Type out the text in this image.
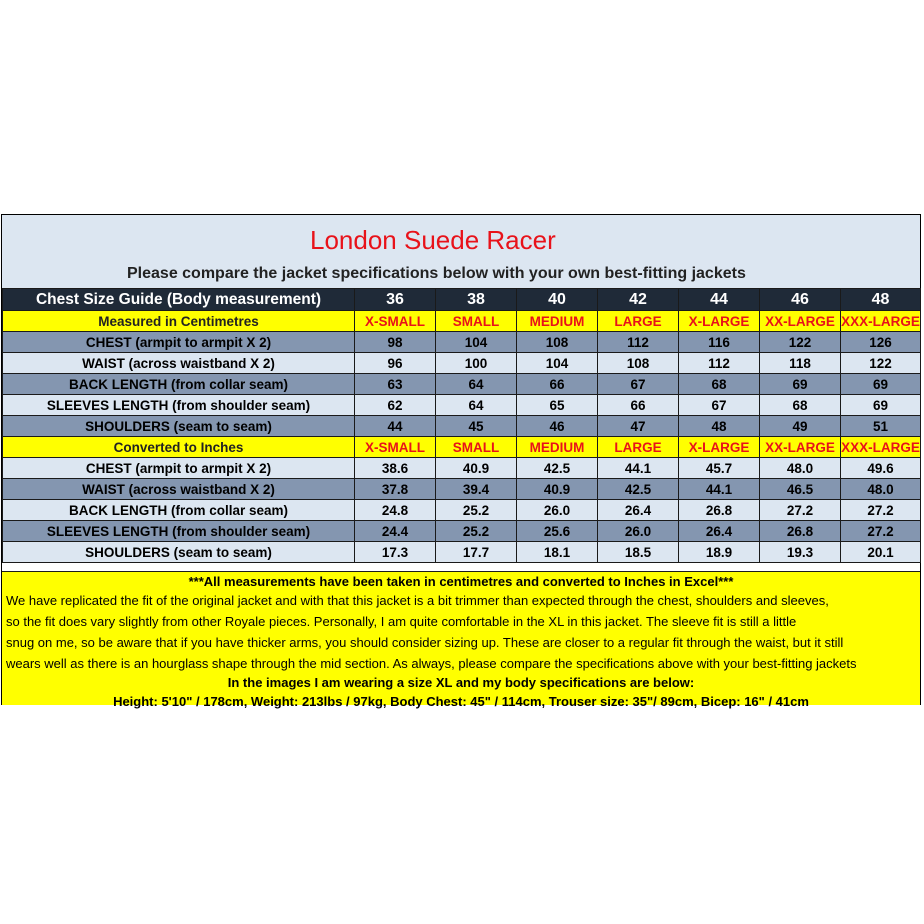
London Suede Racer
Please compare the jacket specifications below with your own best-fitting jackets
Chest Size Guide (Body measurement)	36	38	40	42	44	46	48
Measured in Centimetres	X-SMALL	SMALL	MEDIUM	LARGE	X-LARGE	XX-LARGE	XXX-LARGE
CHEST (armpit to armpit X 2)	98	104	108	112	116	122	126
WAIST (across waistband X 2)	96	100	104	108	112	118	122
BACK LENGTH (from collar seam)	63	64	66	67	68	69	69
SLEEVES LENGTH (from shoulder seam)	62	64	65	66	67	68	69
SHOULDERS (seam to seam)	44	45	46	47	48	49	51
Converted to Inches	X-SMALL	SMALL	MEDIUM	LARGE	X-LARGE	XX-LARGE	XXX-LARGE
CHEST (armpit to armpit X 2)	38.6	40.9	42.5	44.1	45.7	48.0	49.6
WAIST (across waistband X 2)	37.8	39.4	40.9	42.5	44.1	46.5	48.0
BACK LENGTH (from collar seam)	24.8	25.2	26.0	26.4	26.8	27.2	27.2
SLEEVES LENGTH (from shoulder seam)	24.4	25.2	25.6	26.0	26.4	26.8	27.2
SHOULDERS (seam to seam)	17.3	17.7	18.1	18.5	18.9	19.3	20.1
***All measurements have been taken in centimetres and converted to Inches in Excel***
We have replicated the fit of the original jacket and with that this jacket is a bit trimmer than expected through the chest, shoulders and sleeves,
so the fit does vary slightly from other Royale pieces. Personally, I am quite comfortable in the XL in this jacket. The sleeve fit is still a little
snug on me, so be aware that if you have thicker arms, you should consider sizing up. These are closer to a regular fit through the waist, but it still
wears well as there is an hourglass shape through the mid section. As always, please compare the specifications above with your best-fitting jackets
In the images I am wearing a size XL and my body specifications are below:
Height: 5'10" / 178cm, Weight: 213lbs / 97kg, Body Chest: 45" / 114cm, Trouser size: 35"/ 89cm, Bicep: 16" / 41cm
